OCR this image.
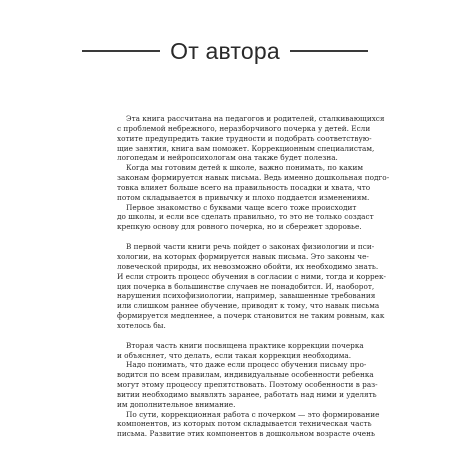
От автора
Эта книга рассчитана на педагогов и родителей, сталкивающихся
с проблемой небрежного, неразборчивого почерка у детей. Если
хотите предупредить такие трудности и подобрать соответствую-
щие занятия, книга вам поможет. Коррекционным специалистам,
логопедам и нейропсихологам она также будет полезна.
Когда мы готовим детей к школе, важно понимать, по каким
законам формируется навык письма. Ведь именно дошкольная подго-
товка влияет больше всего на правильность посадки и хвата, что
потом складывается в привычку и плохо поддается изменениям.
Первое знакомство с буквами чаще всего тоже происходит
до школы, и если все сделать правильно, то это не только создаст
крепкую основу для ровного почерка, но и сбережет здоровье.
В первой части книги речь пойдет о законах физиологии и пси-
хологии, на которых формируется навык письма. Это законы че-
ловеческой природы, их невозможно обойти, их необходимо знать.
И если строить процесс обучения в согласии с ними, тогда и коррек-
ция почерка в большинстве случаев не понадобится. И, наоборот,
нарушения психофизиологии, например, завышенные требования
или слишком раннее обучение, приводят к тому, что навык письма
формируется медленнее, а почерк становится не таким ровным, как
хотелось бы.
Вторая часть книги посвящена практике коррекции почерка
и объясняет, что делать, если такая коррекция необходима.
Надо понимать, что даже если процесс обучения письму про-
водится по всем правилам, индивидуальные особенности ребенка
могут этому процессу препятствовать. Поэтому особенности в раз-
витии необходимо выявлять заранее, работать над ними и уделять
им дополнительное внимание.
По сути, коррекционная работа с почерком — это формирование
компонентов, из которых потом складывается техническая часть
письма. Развитие этих компонентов в дошкольном возрасте очень
